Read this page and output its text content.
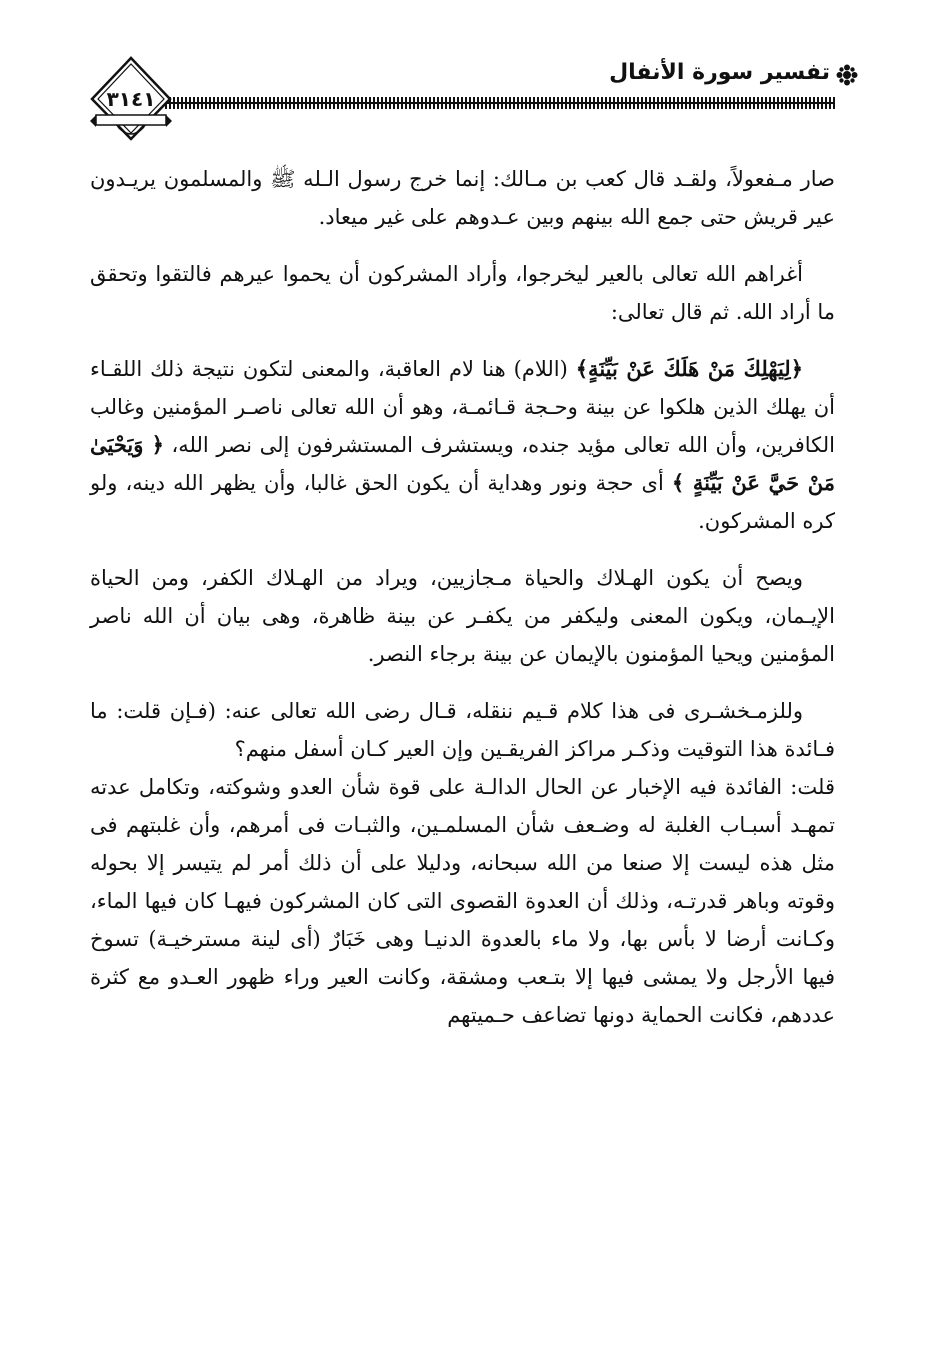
تفسير سورة الأنفال
٣١٤١

صار مـفعولاً، ولقـد قال كعب بن مـالك: إنما خرج رسول الـله ﷺ والمسلمون يريـدون عير قريش حتى جمع الله بينهم وبين عـدوهم على غير ميعاد.

أغراهم الله تعالى بالعير ليخرجوا، وأراد المشركون أن يحموا عيرهم فالتقوا وتحقق ما أراد الله. ثم قال تعالى:

﴿لِيَهْلِكَ مَنْ هَلَكَ عَنْ بَيِّنَةٍ﴾ (اللام) هنا لام العاقبة، والمعنى لتكون نتيجة ذلك اللقـاء أن يهلك الذين هلكوا عن بينة وحـجة قـائمـة، وهو أن الله تعالى ناصـر المؤمنين وغالب الكافرين، وأن الله تعالى مؤيد جنده، ويستشرف المستشرفون إلى نصر الله، ﴿ وَيَحْيَىٰ مَنْ حَيَّ عَنْ بَيِّنَةٍ ﴾ أى حجة ونور وهداية أن يكون الحق غالبا، وأن يظهر الله دينه، ولو كره المشركون.

ويصح أن يكون الهـلاك والحياة مـجازيين، ويراد من الهـلاك الكفر، ومن الحياة الإيـمان، ويكون المعنى وليكفر من يكفـر عن بينة ظاهرة، وهى بيان أن الله ناصر المؤمنين ويحيا المؤمنون بالإيمان عن بينة برجاء النصر.

وللزمـخشـرى فى هذا كلام قـيم ننقله، قـال رضى الله تعالى عنه: (فـإن قلت: ما فـائدة هذا التوقيت وذكـر مراكز الفريقـين وإن العير كـان أسفل منهم؟

قلت: الفائدة فيه الإخبار عن الحال الدالـة على قوة شأن العدو وشوكته، وتكامل عدته تمهـد أسبـاب الغلبة له وضـعف شأن المسلمـين، والثبـات فى أمرهم، وأن غلبتهم فى مثل هذه ليست إلا صنعا من الله سبحانه، ودليلا على أن ذلك أمر لم يتيسر إلا بحوله وقوته وباهر قدرتـه، وذلك أن العدوة القصوى التى كان المشركون فيهـا كان فيها الماء، وكـانت أرضا لا بأس بها، ولا ماء بالعدوة الدنيـا وهى خَبَارٌ (أى لينة مسترخيـة) تسوخ فيها الأرجل ولا يمشى فيها إلا بتـعب ومشقة، وكانت العير وراء ظهور العـدو مع كثرة عددهم، فكانت الحماية دونها تضاعف حـميتهم
